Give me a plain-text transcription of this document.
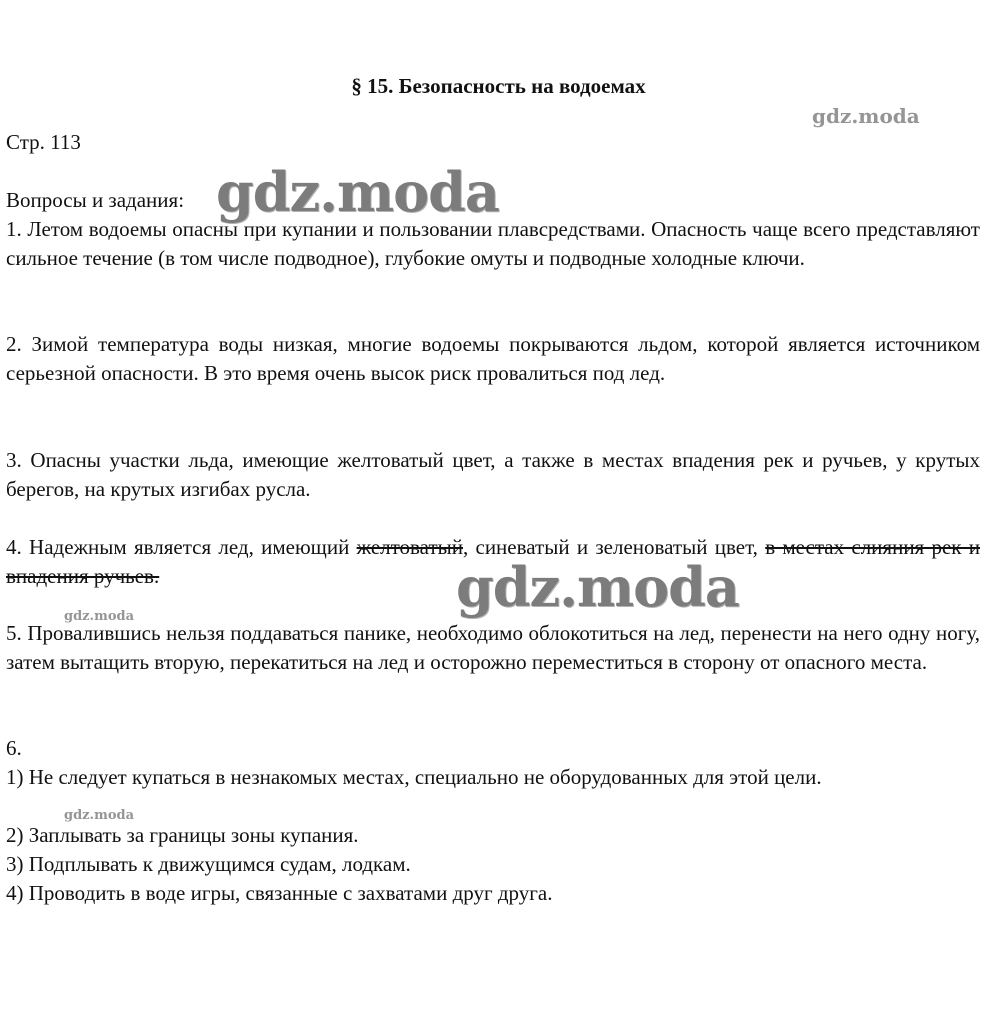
§ 15. Безопасность на водоемах
Стр. 113
Вопросы и задания:
1. Летом водоемы опасны при купании и пользовании плавсредствами. Опасность чаще всего представляют сильное течение (в том числе подводное), глубокие омуты и подводные холодные ключи.
2. Зимой температура воды низкая, многие водоемы покрываются льдом, которой является источником серьезной опасности. В это время очень высок риск провалиться под лед.
3. Опасны участки льда, имеющие желтоватый цвет, а также в местах впадения рек и ручьев, у крутых берегов, на крутых изгибах русла.
4. Надежным является лед, имеющий желтоватый, синеватый и зеленоватый цвет, в местах слияния рек и впадения ручьев.
5. Провалившись нельзя поддаваться панике, необходимо облокотиться на лед, перенести на него одну ногу, затем вытащить вторую, перекатиться на лед и осторожно переместиться в сторону от опасного места.
6.
1) Не следует купаться в незнакомых местах, специально не оборудованных для этой цели.
2) Заплывать за границы зоны купания.
3) Подплывать к движущимся судам, лодкам.
4) Проводить в воде игры, связанные с захватами друг друга.
gdz.moda
gdz.moda
gdz.moda
gdz.moda
gdz.moda
